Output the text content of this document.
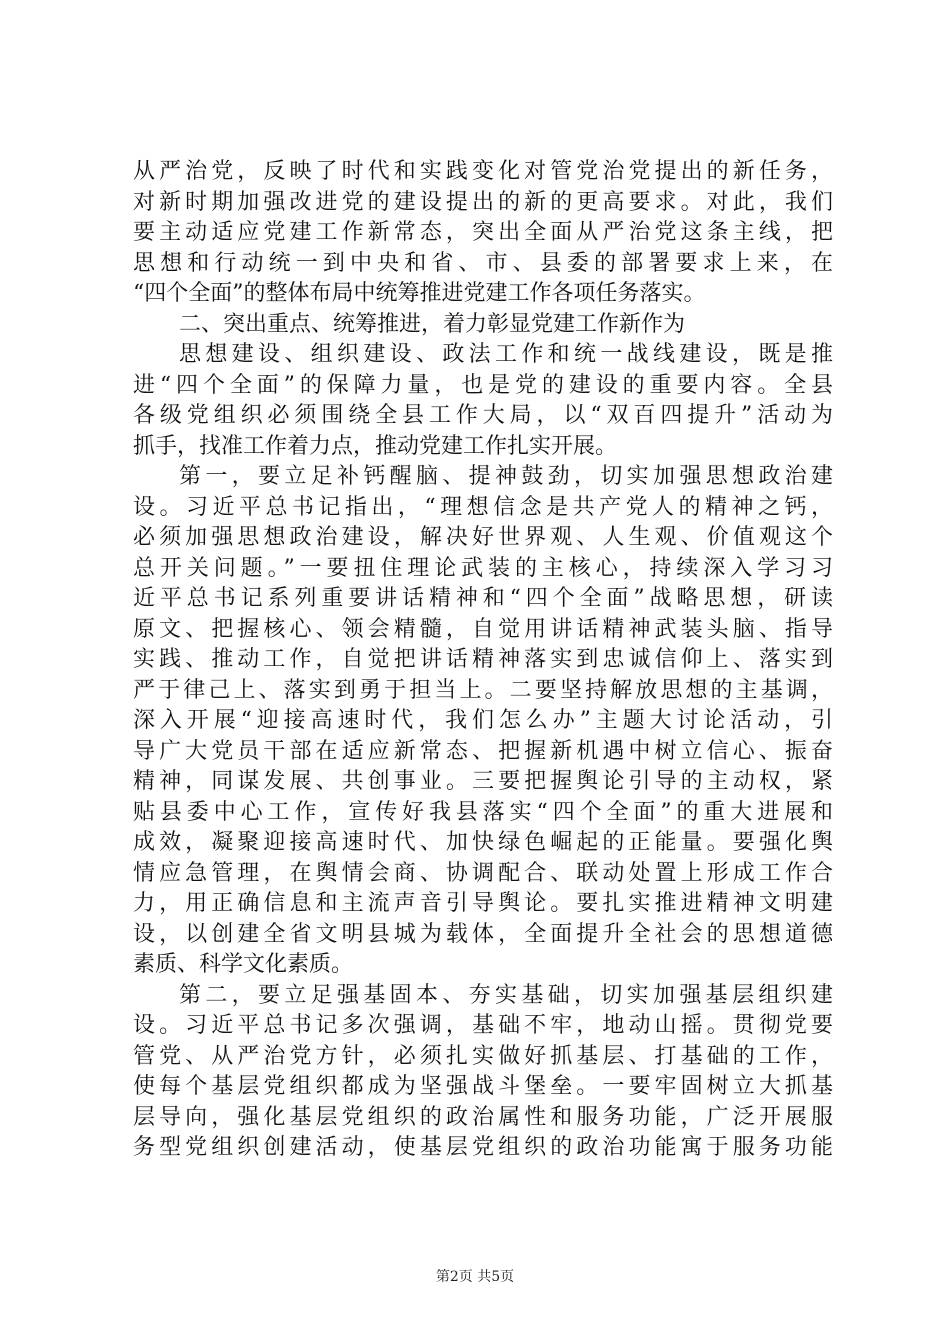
从严治党，反映了时代和实践变化对管党治党提出的新任务，
对新时期加强改进党的建设提出的新的更高要求。对此，我们
要主动适应党建工作新常态，突出全面从严治党这条主线，把
思想和行动统一到中央和省、市、县委的部署要求上来，在
“四个全面”的整体布局中统筹推进党建工作各项任务落实。
二、突出重点、统筹推进，着力彰显党建工作新作为
思想建设、组织建设、政法工作和统一战线建设，既是推
进“四个全面”的保障力量，也是党的建设的重要内容。全县
各级党组织必须围绕全县工作大局，以“双百四提升”活动为
抓手，找准工作着力点，推动党建工作扎实开展。
第一，要立足补钙醒脑、提神鼓劲，切实加强思想政治建
设。习近平总书记指出，“理想信念是共产党人的精神之钙，
必须加强思想政治建设，解决好世界观、人生观、价值观这个
总开关问题。”一要扭住理论武装的主核心，持续深入学习习
近平总书记系列重要讲话精神和“四个全面”战略思想，研读
原文、把握核心、领会精髓，自觉用讲话精神武装头脑、指导
实践、推动工作，自觉把讲话精神落实到忠诚信仰上、落实到
严于律己上、落实到勇于担当上。二要坚持解放思想的主基调，
深入开展“迎接高速时代，我们怎么办”主题大讨论活动，引
导广大党员干部在适应新常态、把握新机遇中树立信心、振奋
精神，同谋发展、共创事业。三要把握舆论引导的主动权，紧
贴县委中心工作，宣传好我县落实“四个全面”的重大进展和
成效，凝聚迎接高速时代、加快绿色崛起的正能量。要强化舆
情应急管理，在舆情会商、协调配合、联动处置上形成工作合
力，用正确信息和主流声音引导舆论。要扎实推进精神文明建
设，以创建全省文明县城为载体，全面提升全社会的思想道德
素质、科学文化素质。
第二，要立足强基固本、夯实基础，切实加强基层组织建
设。习近平总书记多次强调，基础不牢，地动山摇。贯彻党要
管党、从严治党方针，必须扎实做好抓基层、打基础的工作，
使每个基层党组织都成为坚强战斗堡垒。一要牢固树立大抓基
层导向，强化基层党组织的政治属性和服务功能，广泛开展服
务型党组织创建活动，使基层党组织的政治功能寓于服务功能
第2页 共5页
